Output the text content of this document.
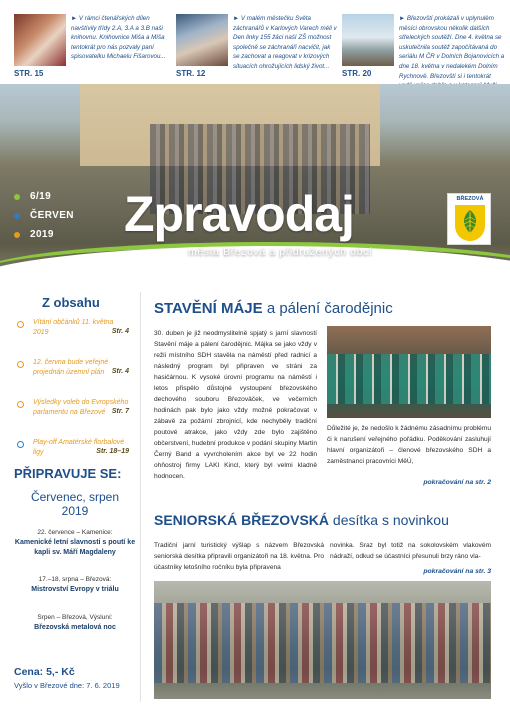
► V rámci čtenářských dílen navštívily třídy 2.A, 3.A a 3.B naši knihovnu. Knihovnice Miša a Míša tentokrát pro nás pozvaly paní spisovatelku Michaelu Fišarovou...
STR. 15
► V malém městečku Světa záchranářů v Karlových Varech měli v Den linky 155 žáci naší ZŠ možnost společně se záchranáři nacvičit, jak se zachovat a reagovat v krizových situacích ohrožujících lidský život...
STR. 12
► Březovští prokázali v uplynulém měsíci obrovskou několik dalších střeleckých soutěží. Dne 4. května se uskutečnila soutěž započítávaná do seriálu M ČR v Dolních Bojanovicích a dne 18. května v nedalekém Dolním Rychnově. Březovští si i tentokrát
STR. 20
6/19
ČERVEN
2019 Zpravodaj
města Březová a přidružených obcí
BŘEZOVÁ
Z obsahu
Vítání občánků 11. května 2019	Str. 4
12. června bude veřejné projednán územní plán	Str. 4
Výsledky voleb do Evropského parlamentu na Březové Str. 7
Play-off Amatérské florbalové ligy	Str. 18–19
PŘIPRAVUJE SE:
Červenec, srpen 2019
22. července – Kamenice:
Kamenické letní slavnosti s poutí ke kapli sv. Máří Magdaleny
17.–18. srpna – Březová:
Mistrovství Evropy v triálu
Srpen – Březová, Výsluní:
Březovská metalová noc
Cena: 5,- Kč
Vyšlo v Březové dne: 7. 6. 2019
STAVĚNÍ MÁJE a pálení čarodějnic
30. duben je již neodmyslitelně spjatý s jarní slavností Stavění máje a pálení čarodějnic. Májka se jako vždy v režii místního SDH stavěla na náměstí před radnicí a následný program byl připraven ve stráni za hasičárnou. K vysoké úrovni programu na náměstí i letos přispělo důstojné vystoupení březovského dechového souboru Březovǎček, ve večerních hodinách pak bylo jako vždy možné pokračovat v zábavě za požární zbrojnicí, kde nechyběly tradiční poutové atrakce, jako vždy zde bylo zajištěno občerstvení, hudební produkce v podání skupiny Martin Černý Band a vyvrcholením akce byl ve 22 hodin ohňostroj firmy LAKI Kincl, který byl velmi kladně hodnocen.
Důležité je, že nedošlo k žádnému zásadnímu problému či k narušení veřejného pořádku. Poděkování zasluhují hlavní organizátoři – členové březovského SDH a zaměstnanci pracovníci MěÚ,
pokračování na str. 2
SENIORSKÁ BŘEZOVSKÁ desítka s novinkou
Tradiční jarní turistický výšlap s názvem Březovská seniorská desítka připravili organizátoři na 18. května. Pro účastníky letošního ročníku byla připravena
novinka. Sraz byl totiž na sokolovském vlakovém nádraží, odkud se účastníci přesunuli brzy ráno vla-
pokračování na str. 3
